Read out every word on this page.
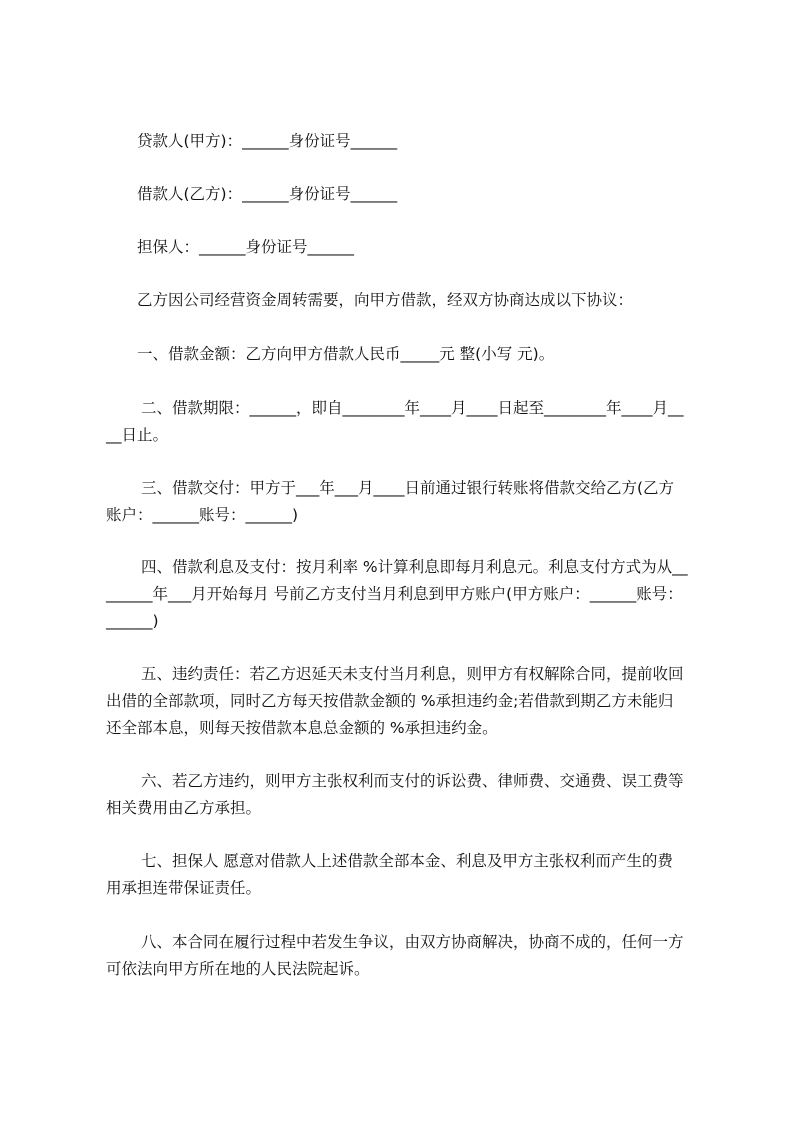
贷款人(甲方)：______身份证号______

借款人(乙方)：______身份证号______

担保人：______身份证号______

乙方因公司经营资金周转需要，向甲方借款，经双方协商达成以下协议：

一、借款金额：乙方向甲方借款人民币_____元 整(小写 元)。

二、借款期限：______，即自________年____月____日起至________年____月__

__日止。

三、借款交付：甲方于___年___月____日前通过银行转账将借款交给乙方(乙方

账户：______账号：______)

四、借款利息及支付：按月利率 %计算利息即每月利息元。利息支付方式为从__

______年___月开始每月 号前乙方支付当月利息到甲方账户(甲方账户：______账号：

______)

五、违约责任：若乙方迟延天未支付当月利息，则甲方有权解除合同，提前收回

出借的全部款项，同时乙方每天按借款金额的 %承担违约金;若借款到期乙方未能归

还全部本息，则每天按借款本息总金额的 %承担违约金。

六、若乙方违约，则甲方主张权利而支付的诉讼费、律师费、交通费、误工费等

相关费用由乙方承担。

七、担保人 愿意对借款人上述借款全部本金、利息及甲方主张权利而产生的费

用承担连带保证责任。

八、本合同在履行过程中若发生争议，由双方协商解决，协商不成的，任何一方

可依法向甲方所在地的人民法院起诉。
